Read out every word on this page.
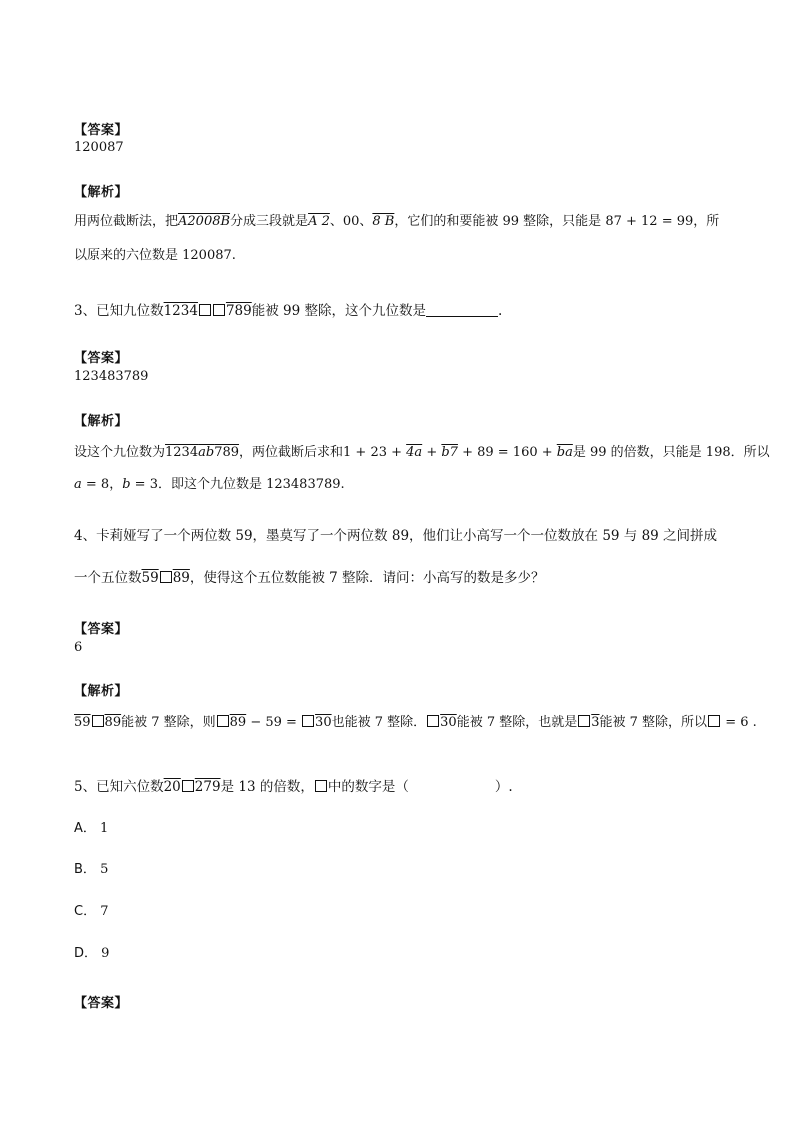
【答案】
120087
【解析】
用两位截断法，把A2008B分成三段就是A 2、00、8 B，它们的和要能被 99 整除，只能是 87 + 12 = 99，所
以原来的六位数是 120087.
3、已知九位数1234 789能被 99 整除，这个九位数是	.
【答案】
123483789
【解析】
设这个九位数为1234ab789，两位截断后求和$1 + 23 + 4a + b7 + 89 = 160 + \overline{ba}$是 99 的倍数，只能是 198．所以
a = 8，b = 3．即这个九位数是 123483789.
4、卡莉娅写了一个两位数 59，墨莫写了一个两位数 89，他们让小高写一个一位数放在 59 与 89 之间拼成
一个五位数59 89，使得这个五位数能被 7 整除．请问：小高写的数是多少？
【答案】
6
【解析】
59 89能被 7 整除，则 89 − 59 = 30也能被 7 整除． 30能被 7 整除，也就是 3能被 7 整除，所以 = 6 .
5、已知六位数20 279是 13 的倍数， 中的数字是（	）.
A． 1
B． 5
C． 7
D． 9
【答案】
